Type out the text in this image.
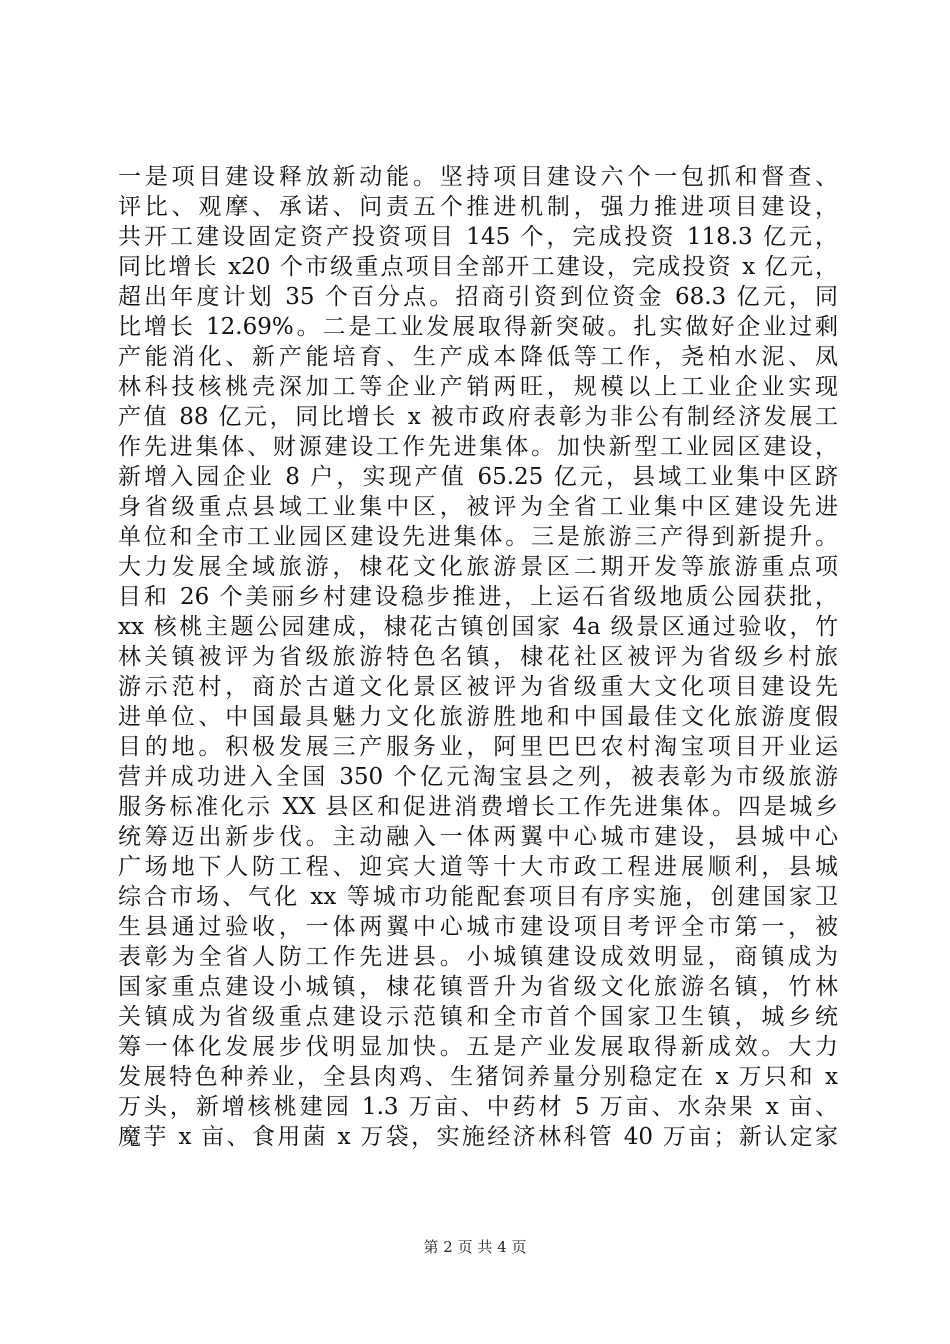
一是项目建设释放新动能。坚持项目建设六个一包抓和督查、
评比、观摩、承诺、问责五个推进机制，强力推进项目建设，
共开工建设固定资产投资项目 145 个，完成投资 118.3 亿元，
同比增长 x20 个市级重点项目全部开工建设，完成投资 x 亿元，
超出年度计划 35 个百分点。招商引资到位资金 68.3 亿元，同
比增长 12.69%。二是工业发展取得新突破。扎实做好企业过剩
产能消化、新产能培育、生产成本降低等工作，尧柏水泥、凤
林科技核桃壳深加工等企业产销两旺，规模以上工业企业实现
产值 88 亿元，同比增长 x 被市政府表彰为非公有制经济发展工
作先进集体、财源建设工作先进集体。加快新型工业园区建设，
新增入园企业 8 户，实现产值 65.25 亿元，县域工业集中区跻
身省级重点县域工业集中区，被评为全省工业集中区建设先进
单位和全市工业园区建设先进集体。三是旅游三产得到新提升。
大力发展全域旅游，棣花文化旅游景区二期开发等旅游重点项
目和 26 个美丽乡村建设稳步推进，上运石省级地质公园获批，
xx 核桃主题公园建成，棣花古镇创国家 4a 级景区通过验收，竹
林关镇被评为省级旅游特色名镇，棣花社区被评为省级乡村旅
游示范村，商於古道文化景区被评为省级重大文化项目建设先
进单位、中国最具魅力文化旅游胜地和中国最佳文化旅游度假
目的地。积极发展三产服务业，阿里巴巴农村淘宝项目开业运
营并成功进入全国 350 个亿元淘宝县之列，被表彰为市级旅游
服务标准化示 XX 县区和促进消费增长工作先进集体。四是城乡
统筹迈出新步伐。主动融入一体两翼中心城市建设，县城中心
广场地下人防工程、迎宾大道等十大市政工程进展顺利，县城
综合市场、气化 xx 等城市功能配套项目有序实施，创建国家卫
生县通过验收，一体两翼中心城市建设项目考评全市第一，被
表彰为全省人防工作先进县。小城镇建设成效明显，商镇成为
国家重点建设小城镇，棣花镇晋升为省级文化旅游名镇，竹林
关镇成为省级重点建设示范镇和全市首个国家卫生镇，城乡统
筹一体化发展步伐明显加快。五是产业发展取得新成效。大力
发展特色种养业，全县肉鸡、生猪饲养量分别稳定在 x 万只和 x
万头，新增核桃建园 1.3 万亩、中药材 5 万亩、水杂果 x 亩、
魔芋 x 亩、食用菌 x 万袋，实施经济林科管 40 万亩；新认定家
第 2 页 共 4 页
